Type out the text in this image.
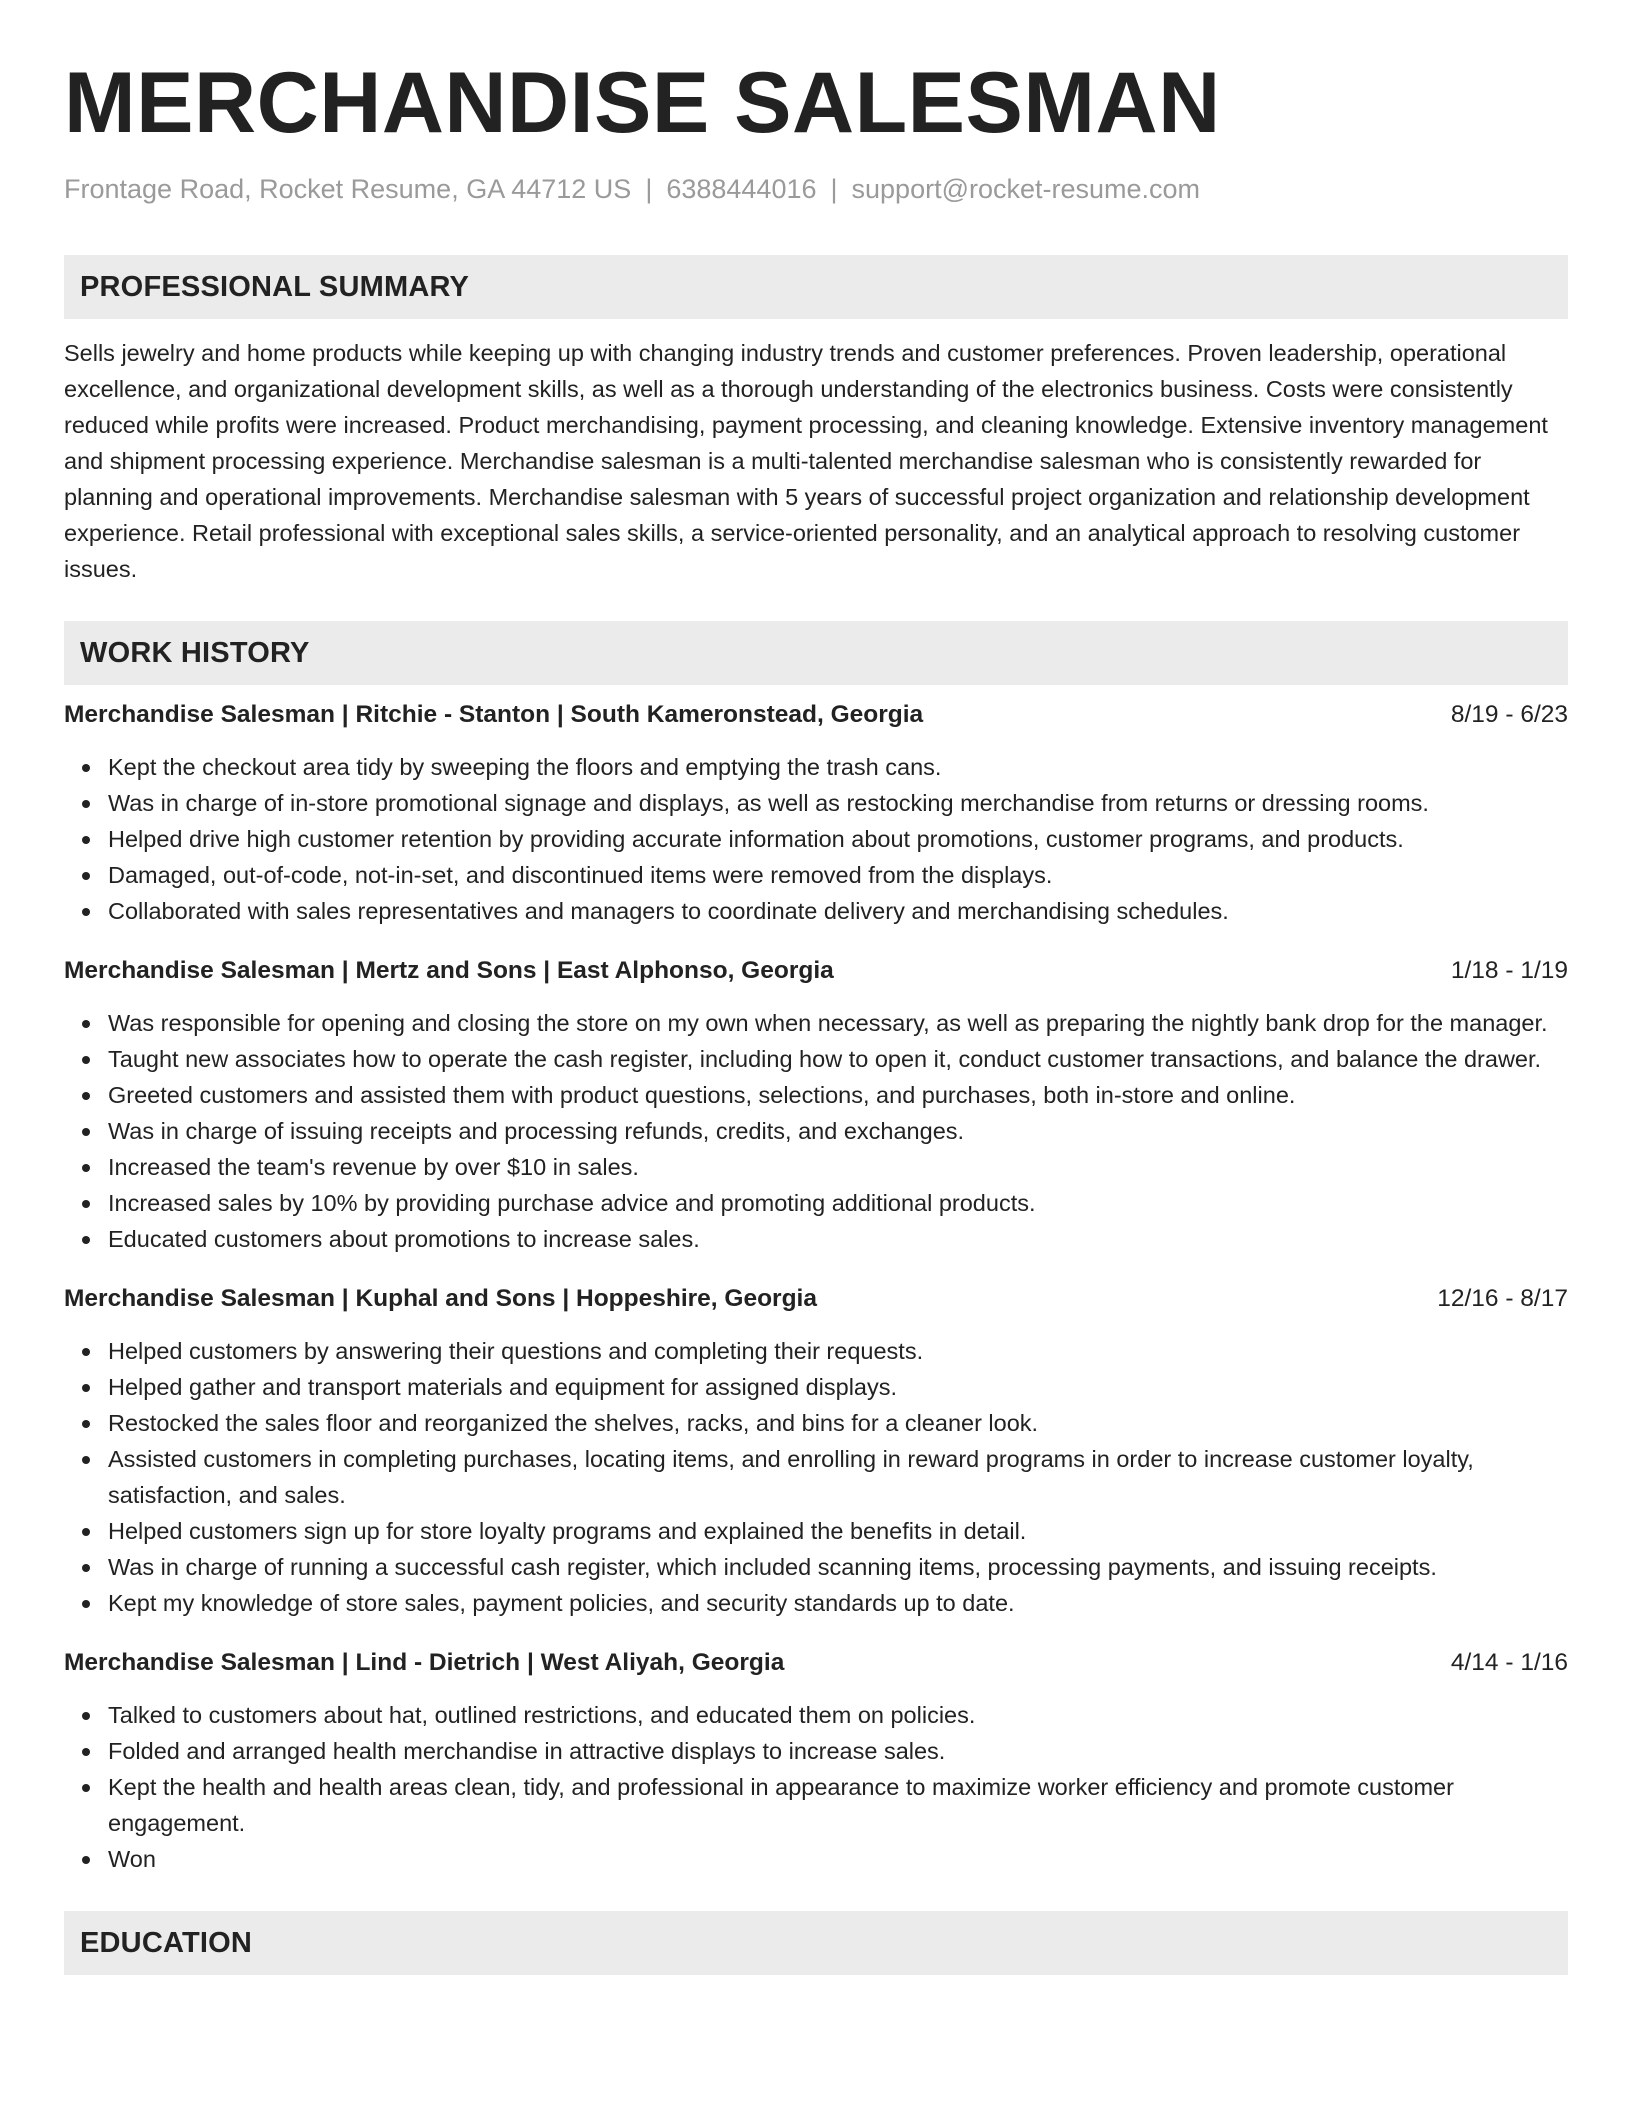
MERCHANDISE SALESMAN
Frontage Road, Rocket Resume, GA 44712 US | 6388444016 | support@rocket-resume.com
PROFESSIONAL SUMMARY

Sells jewelry and home products while keeping up with changing industry trends and customer preferences. Proven leadership, operational excellence, and organizational development skills, as well as a thorough understanding of the electronics business. Costs were consistently reduced while profits were increased. Product merchandising, payment processing, and cleaning knowledge. Extensive inventory management and shipment processing experience. Merchandise salesman is a multi-talented merchandise salesman who is consistently rewarded for planning and operational improvements. Merchandise salesman with 5 years of successful project organization and relationship development experience. Retail professional with exceptional sales skills, a service-oriented personality, and an analytical approach to resolving customer issues.

WORK HISTORY
Merchandise Salesman | Ritchie - Stanton | South Kameronstead, Georgia	8/19 - 6/23
Kept the checkout area tidy by sweeping the floors and emptying the trash cans.
Was in charge of in-store promotional signage and displays, as well as restocking merchandise from returns or dressing rooms.
Helped drive high customer retention by providing accurate information about promotions, customer programs, and products.
Damaged, out-of-code, not-in-set, and discontinued items were removed from the displays.
Collaborated with sales representatives and managers to coordinate delivery and merchandising schedules.
Merchandise Salesman | Mertz and Sons | East Alphonso, Georgia	1/18 - 1/19
Was responsible for opening and closing the store on my own when necessary, as well as preparing the nightly bank drop for the manager.
Taught new associates how to operate the cash register, including how to open it, conduct customer transactions, and balance the drawer.
Greeted customers and assisted them with product questions, selections, and purchases, both in-store and online.
Was in charge of issuing receipts and processing refunds, credits, and exchanges.
Increased the team's revenue by over $10 in sales.
Increased sales by 10% by providing purchase advice and promoting additional products.
Educated customers about promotions to increase sales.
Merchandise Salesman | Kuphal and Sons | Hoppeshire, Georgia	12/16 - 8/17
Helped customers by answering their questions and completing their requests.
Helped gather and transport materials and equipment for assigned displays.
Restocked the sales floor and reorganized the shelves, racks, and bins for a cleaner look.
Assisted customers in completing purchases, locating items, and enrolling in reward programs in order to increase customer loyalty, satisfaction, and sales.
Helped customers sign up for store loyalty programs and explained the benefits in detail.
Was in charge of running a successful cash register, which included scanning items, processing payments, and issuing receipts.
Kept my knowledge of store sales, payment policies, and security standards up to date.
Merchandise Salesman | Lind - Dietrich | West Aliyah, Georgia	4/14 - 1/16
Talked to customers about hat, outlined restrictions, and educated them on policies.
Folded and arranged health merchandise in attractive displays to increase sales.
Kept the health and health areas clean, tidy, and professional in appearance to maximize worker efficiency and promote customer engagement.
Won
EDUCATION
